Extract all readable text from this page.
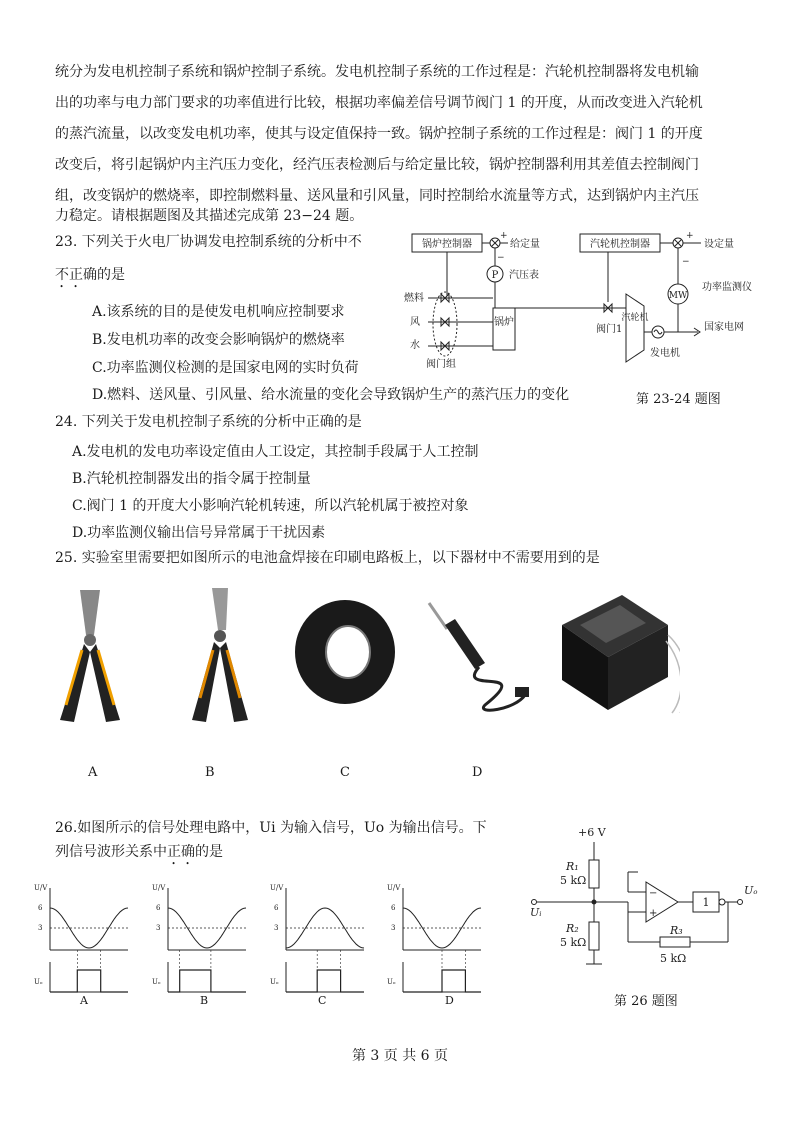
统分为发电机控制子系统和锅炉控制子系统。发电机控制子系统的工作过程是：汽轮机控制器将发电机输
出的功率与电力部门要求的功率值进行比较，根据功率偏差信号调节阀门 1 的开度，从而改变进入汽轮机
的蒸汽流量，以改变发电机功率，使其与设定值保持一致。锅炉控制子系统的工作过程是：阀门 1 的开度
改变后，将引起锅炉内主汽压力变化，经汽压表检测后与给定量比较，锅炉控制器利用其差值去控制阀门
组，改变锅炉的燃烧率，即控制燃料量、送风量和引风量，同时控制给水流量等方式，达到锅炉内主汽压
力稳定。请根据题图及其描述完成第 23−24 题。
23. 下列关于火电厂协调发电控制系统的分析中不
不正确的是
A.该系统的目的是使发电机响应控制要求
B.发电机功率的改变会影响锅炉的燃烧率
C.功率监测仪检测的是国家电网的实时负荷
D.燃料、送风量、引风量、给水流量的变化会导致锅炉生产的蒸汽压力的变化
锅炉控制器
+
给定量
−
P 汽压表
燃料
风
水
阀门组
锅炉
阀门1
汽轮机控制器
+
设定量
−
MW
功率监测仪
汽轮机
发电机
国家电网
第 23-24 题图
24. 下列关于发电机控制子系统的分析中正确的是
A.发电机的发电功率设定值由人工设定，其控制手段属于人工控制
B.汽轮机控制器发出的指令属于控制量
C.阀门 1 的开度大小影响汽轮机转速，所以汽轮机属于被控对象
D.功率监测仪输出信号异常属于干扰因素
25. 实验室里需要把如图所示的电池盒焊接在印刷电路板上，以下器材中不需要用到的是
A	B	C	D
26.如图所示的信号处理电路中，Ui 为输入信号，Uo 为输出信号。下
列信号波形关系中正确的是
U/V
6
3
Uₒ
U/V
6
3
Uₒ
U/V
6
3
Uₒ
U/V
6
3
Uₒ
A	B	C	D
+6 V
R₁
5 kΩ
Uᵢ
R₂
5 kΩ
−
+
1
Uₒ
R₃
5 kΩ
第 26 题图
第 3 页 共 6 页
